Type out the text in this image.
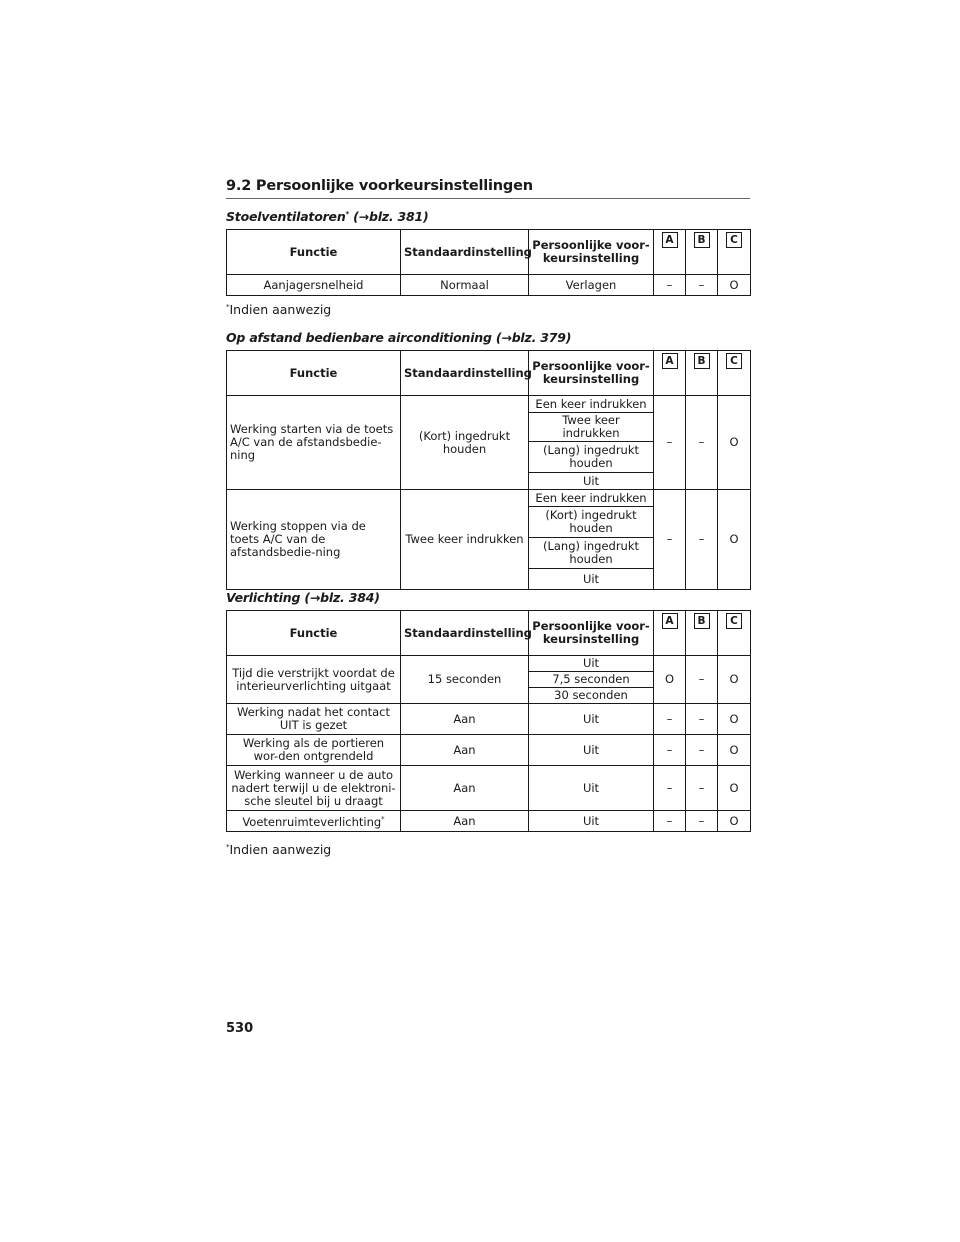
9.2 Persoonlijke voorkeursinstellingen
Stoelventilatoren* (→blz. 381)
Functie	Standaardinstelling	Persoonlijke voor-keursinstelling	A	B	C
Aanjagersnelheid	Normaal	Verlagen	–	–	O
*Indien aanwezig
Op afstand bedienbare airconditioning (→blz. 379)
Functie	Standaardinstelling	Persoonlijke voor-keursinstelling	A	B	C
Werking starten via de toets A/C van de afstandsbedie-ning	(Kort) ingedrukt houden	Een keer indrukken	–	–	O
		Twee keer indrukken			
		(Lang) ingedrukt houden			
		Uit			
Werking stoppen via de toets A/C van de afstandsbedie-ning	Twee keer indrukken	Een keer indrukken	–	–	O
		(Kort) ingedrukt houden			
		(Lang) ingedrukt houden			
		Uit			
Verlichting (→blz. 384)
Functie	Standaardinstelling	Persoonlijke voor-keursinstelling	A	B	C
Tijd die verstrijkt voordat de interieurverlichting uitgaat	15 seconden	Uit	O	–	O
		7,5 seconden			
		30 seconden			
Werking nadat het contact UIT is gezet	Aan	Uit	–	–	O
Werking als de portieren wor-den ontgrendeld	Aan	Uit	–	–	O
Werking wanneer u de auto nadert terwijl u de elektroni-sche sleutel bij u draagt	Aan	Uit	–	–	O
Voetenruimteverlichting*	Aan	Uit	–	–	O
*Indien aanwezig
530
